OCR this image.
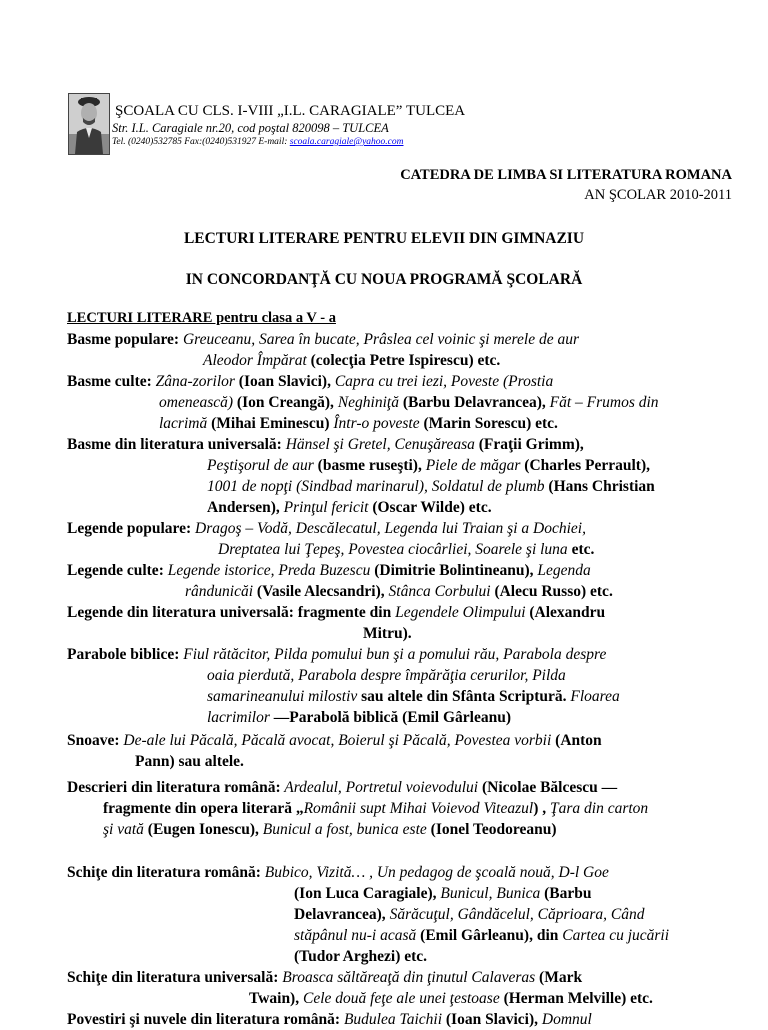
ŞCOALA CU CLS. I-VIII „I.L. CARAGIALE” TULCEA
Str. I.L. Caragiale nr.20, cod poştal 820098 – TULCEA
Tel. (0240)532785 Fax:(0240)531927 E-mail: scoala.caragiale@yahoo.com
CATEDRA DE LIMBA SI LITERATURA ROMANA
AN ŞCOLAR 2010-2011
LECTURI LITERARE PENTRU ELEVII DIN GIMNAZIU
IN CONCORDANŢĂ CU NOUA PROGRAMĂ ŞCOLARĂ
LECTURI LITERARE pentru clasa a V - a
Basme populare: Greuceanu, Sarea în bucate, Prâslea cel voinic şi merele de aur
Aleodor Împărat (colecţia Petre Ispirescu) etc.
Basme culte: Zâna-zorilor (Ioan Slavici), Capra cu trei iezi, Poveste (Prostia
omenească) (Ion Creangă), Neghiniţă (Barbu Delavrancea), Făt – Frumos din
lacrimă (Mihai Eminescu) Într-o poveste (Marin Sorescu) etc.
Basme din literatura universală: Hänsel şi Gretel, Cenuşăreasa (Fraţii Grimm),
Peştişorul de aur (basme ruseşti), Piele de măgar (Charles Perrault),
1001 de nopţi (Sindbad marinarul), Soldatul de plumb (Hans Christian
Andersen), Prinţul fericit (Oscar Wilde) etc.
Legende populare: Dragoş – Vodă, Descălecatul, Legenda lui Traian şi a Dochiei,
Dreptatea lui Ţepeş, Povestea ciocârliei, Soarele şi luna etc.
Legende culte: Legende istorice, Preda Buzescu (Dimitrie Bolintineanu), Legenda
rândunicăi (Vasile Alecsandri), Stânca Corbului (Alecu Russo) etc.
Legende din literatura universală: fragmente din Legendele Olimpului (Alexandru
Mitru).
Parabole biblice: Fiul rătăcitor, Pilda pomului bun şi a pomului rău, Parabola despre
oaia pierdută, Parabola despre împărăţia cerurilor, Pilda
samarineanului milostiv sau altele din Sfânta Scriptură. Floarea
lacrimilor —Parabolă biblică (Emil Gârleanu)
Snoave: De-ale lui Păcală, Păcală avocat, Boierul şi Păcală, Povestea vorbii (Anton
Pann) sau altele.
Descrieri din literatura română: Ardealul, Portretul voievodului (Nicolae Bălcescu —
fragmente din opera literară „Românii supt Mihai Voievod Viteazul) , Ţara din carton
şi vată (Eugen Ionescu), Bunicul a fost, bunica este (Ionel Teodoreanu)
Schiţe din literatura română: Bubico, Vizită… , Un pedagog de şcoală nouă, D-l Goe
(Ion Luca Caragiale), Bunicul, Bunica (Barbu
Delavrancea), Sărăcuţul, Gândăcelul, Căprioara, Când
stăpânul nu-i acasă (Emil Gârleanu), din Cartea cu jucării
(Tudor Arghezi) etc.
Schiţe din literatura universală: Broasca săltăreaţă din ţinutul Calaveras (Mark
Twain), Cele două feţe ale unei ţestoase (Herman Melville) etc.
Povestiri şi nuvele din literatura română: Budulea Taichii (Ioan Slavici), Domnul
